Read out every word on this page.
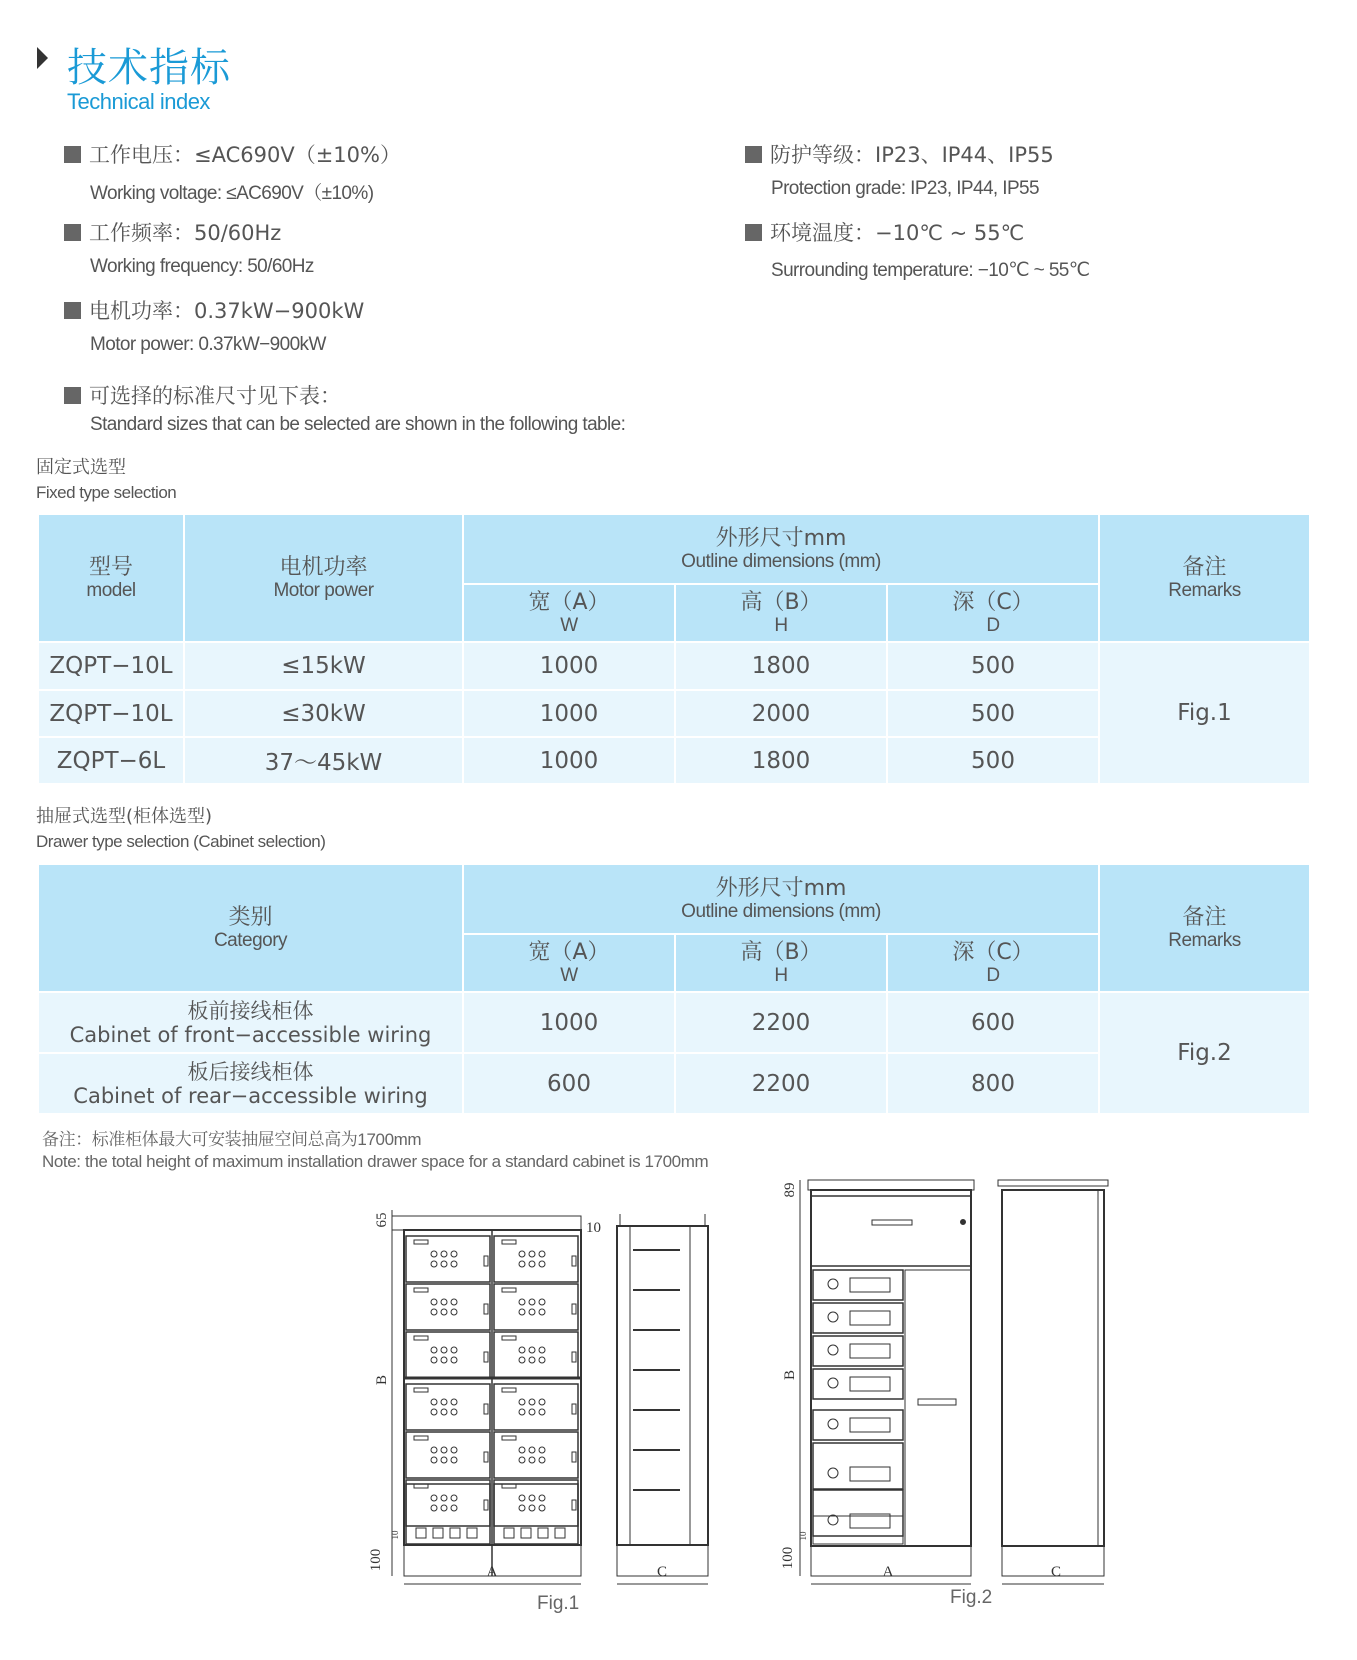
技术指标
Technical index
工作电压：≤AC690V（±10%）
Working voltage: ≤AC690V（±10%)
工作频率：50/60Hz
Working frequency: 50/60Hz
电机功率：0.37kW−900kW
Motor power: 0.37kW−900kW
可选择的标准尺寸见下表：
Standard sizes that can be selected are shown in the following table:
防护等级：IP23、IP44、IP55
Protection grade: IP23, IP44, IP55
环境温度：−10℃ ~ 55℃
Surrounding temperature: −10℃ ~ 55℃
固定式选型
Fixed type selection
型号
model	电机功率
Motor power	外形尺寸mm
Outline dimensions (mm)			备注
Remarks

		宽（A）
W	高（B）
H	深（C）
D	

ZQPT−10L	≤15kW	1000	1800	500	Fig.1
ZQPT−10L	≤30kW	1000	2000	500	
ZQPT−6L	37～45kW	1000	1800	500	
抽屉式选型(柜体选型)
Drawer type selection (Cabinet selection)
类别
Category	外形尺寸mm
Outline dimensions (mm)			备注
Remarks

	宽（A）
W	高（B）
H	深（C）
D	

板前接线柜体
Cabinet of front−accessible wiring	1000	2200	600	Fig.2

板后接线柜体
Cabinet of rear−accessible wiring	600	2200	800	
备注：标准柜体最大可安装抽屉空间总高为1700mm
Note: the total height of maximum installation drawer space for a standard cabinet is 1700mm
65	10
B
100
10
A	C
89
B
100
10
A	C
Fig.1	Fig.2
